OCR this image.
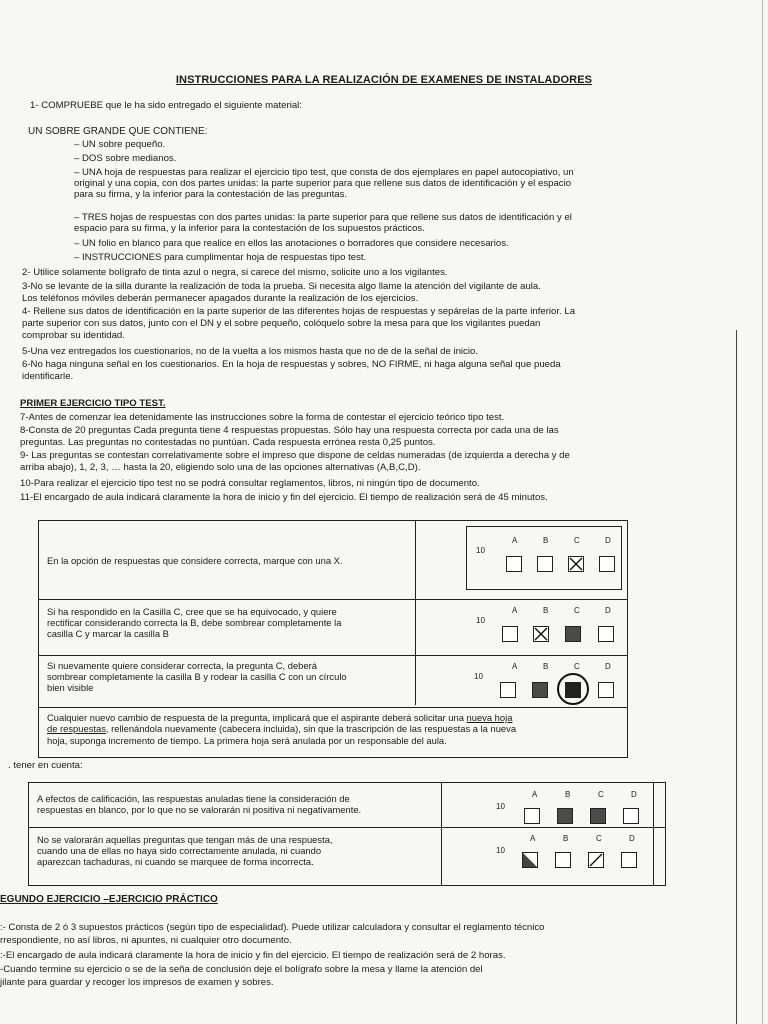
INSTRUCCIONES PARA LA REALIZACIÓN DE EXAMENES DE INSTALADORES
1- COMPRUEBE que le ha sido entregado el siguiente material:
UN SOBRE GRANDE QUE CONTIENE:
– UN sobre pequeño.
– DOS sobre medianos.
– UNA hoja de respuestas para realizar el ejercicio tipo test, que consta de dos ejemplares en papel autocopiativo, un
original y una copia, con dos partes unidas: la parte superior para que rellene sus datos de identificación y el espacio
para su firma, y la inferior para la contestación de las preguntas.
– TRES hojas de respuestas con dos partes unidas: la parte superior para que rellene sus datos de identificación y el
espacio para su firma, y la inferior para la contestación de los supuestos prácticos.
– UN folio en blanco para que realice en ellos las anotaciones o borradores que considere necesarios.
– INSTRUCCIONES para cumplimentar hoja de respuestas tipo test.
2- Utilice solamente bolígrafo de tinta azul o negra, si carece del mismo, solicite uno a los vigilantes.
3-No se levante de la silla durante la realización de toda la prueba. Si necesita algo llame la atención del vigilante de aula.
Los teléfonos móviles deberán permanecer apagados durante la realización de los ejercicios.
4- Rellene sus datos de identificación en la parte superior de las diferentes hojas de respuestas y sepárelas de la parte inferior. La
parte superior con sus datos, junto con el DN y el sobre pequeño, colóquelo sobre la mesa para que los vigilantes puedan
comprobar su identidad.
5-Una vez entregados los cuestionarios, no de la vuelta a los mismos hasta que no de de la señal de inicio.
6-No haga ninguna señal en los cuestionarios. En la hoja de respuestas y sobres, NO FIRME, ni haga alguna señal que pueda
identificarle.
PRIMER EJERCICIO TIPO TEST.
7-Antes de comenzar lea detenidamente las instrucciones sobre la forma de contestar el ejercicio teórico tipo test.
8-Consta de 20 preguntas Cada pregunta tiene 4 respuestas propuestas. Sólo hay una respuesta correcta por cada una de las
preguntas. Las preguntas no contestadas no puntúan. Cada respuesta errónea resta 0,25 puntos.
9- Las preguntas se contestan correlativamente sobre el impreso que dispone de celdas numeradas (de izquierda a derecha y de
arriba abajo), 1, 2, 3, … hasta la 20, eligiendo solo una de las opciones alternativas (A,B,C,D).
10-Para realizar el ejercicio tipo test no se podrá consultar reglamentos, libros, ni ningún tipo de documento.
11-El encargado de aula indicará claramente la hora de inicio y fin del ejercicio. El tiempo de realización será de 45 minutos.
En la opción de respuestas que considere correcta, marque con una X.
Si ha respondido en la Casilla C, cree que se ha equivocado, y quiere
rectificar considerando correcta la B, debe sombrear completamente la
casilla C y marcar la casilla B
Si nuevamente quiere considerar correcta, la pregunta C, deberá
sombrear completamente la casilla B y rodear la casilla C con un círculo
bien visible
Cualquier nuevo cambio de respuesta de la pregunta, implicará que el aspirante deberá solicitar una nueva hoja
de respuestas, rellenándola nuevamente (cabecera incluida), sin que la trascripción de las respuestas a la nueva
hoja, suponga incremento de tiempo. La primera hoja será anulada por un responsable del aula.
A	B	C	D
10
A	B	C	D
10
A	B	C	D
10
. tener en cuenta:
A efectos de calificación, las respuestas anuladas tiene la consideración de
respuestas en blanco, por lo que no se valorarán ni positiva ni negativamente.
No se valorarán aquellas preguntas que tengan más de una respuesta,
cuando una de ellas no haya sido correctamente anulada, ni cuando
aparezcan tachaduras, ni cuando se marquee de forma incorrecta.
A	B	C	D
10
A	B	C	D
10
EGUNDO EJERCICIO –EJERCICIO PRÁCTICO
:- Consta de 2 ó 3 supuestos prácticos (según tipo de especialidad). Puede utilizar calculadora y consultar el reglamento técnico
rrespondiente, no así libros, ni apuntes, ni cualquier otro documento.
:-El encargado de aula indicará claramente la hora de inicio y fin del ejercicio. El tiempo de realización será de 2 horas.
-Cuando termine su ejercicio o se de la seña de conclusión deje el bolígrafo sobre la mesa y llame la atención del
jilante para guardar y recoger los impresos de examen y sobres.
